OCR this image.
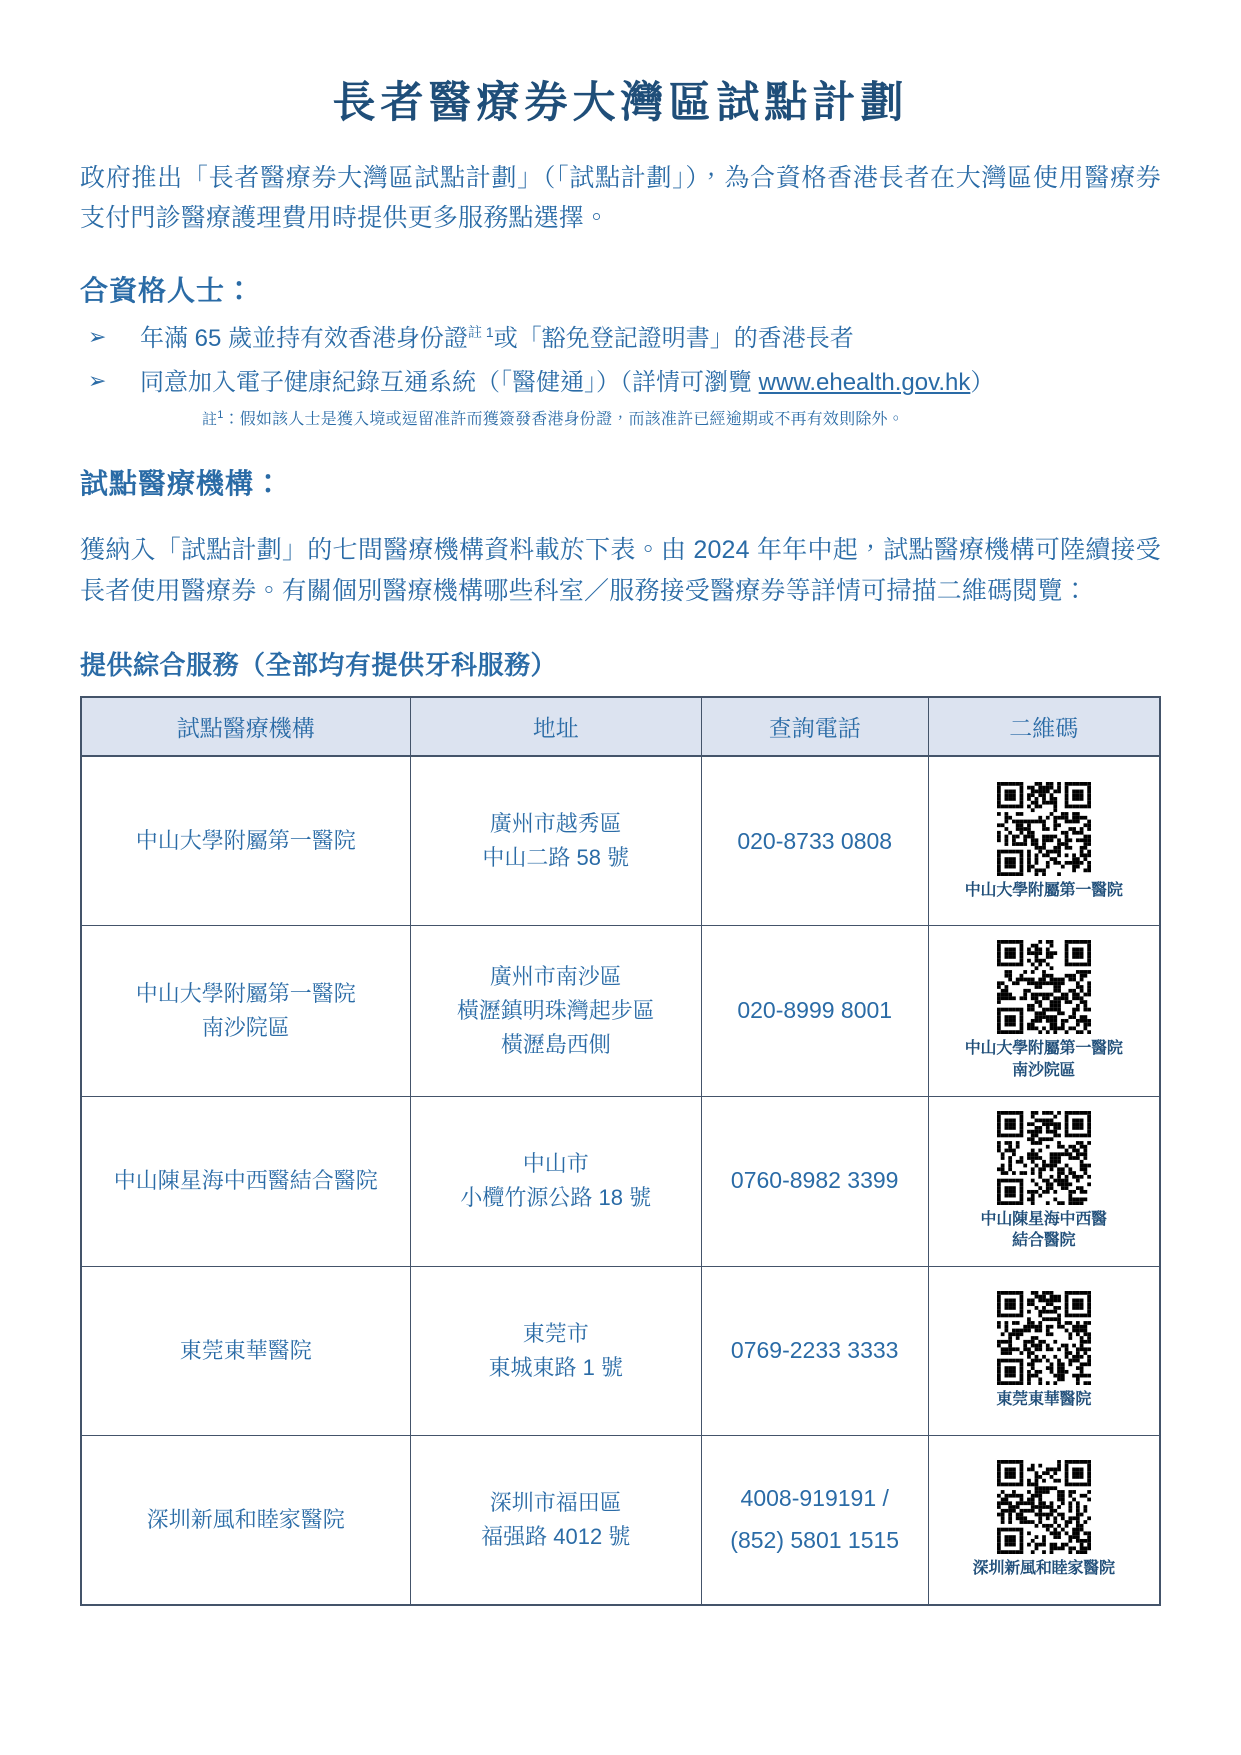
長者醫療券大灣區試點計劃

政府推出「長者醫療券大灣區試點計劃」（「試點計劃」），為合資格香港長者在大灣區使用醫療券支付門診醫療護理費用時提供更多服務點選擇。

合資格人士：
➢ 年滿 65 歲並持有效香港身份證$^{註 1}$或「豁免登記證明書」的香港長者
➢ 同意加入電子健康紀錄互通系統（「醫健通」）（詳情可瀏覽 www.ehealth.gov.hk）

註$^1$：假如該人士是獲入境或逗留准許而獲簽發香港身份證，而該准許已經逾期或不再有效則除外。

試點醫療機構：

獲納入「試點計劃」的七間醫療機構資料載於下表。由 2024 年年中起，試點醫療機構可陸續接受長者使用醫療券。有關個別醫療機構哪些科室／服務接受醫療券等詳情可掃描二維碼閱覽：

提供綜合服務（全部均有提供牙科服務）
試點醫療機構	地址	查詢電話	二維碼
中山大學附屬第一醫院	廣州市越秀區
中山二路 58 號	020-8733 0808	中山大學附屬第一醫院

中山大學附屬第一醫院
南沙院區	廣州市南沙區
橫瀝鎮明珠灣起步區
橫瀝島西側	020-8999 8001	中山大學附屬第一醫院
南沙院區

中山陳星海中西醫結合醫院	中山市
小欖竹源公路 18 號	0760-8982 3399	中山陳星海中西醫
結合醫院

東莞東華醫院	東莞市
東城東路 1 號	0769-2233 3333	東莞東華醫院

深圳新風和睦家醫院	深圳市福田區
福强路 4012 號	4008-919191 /
(852) 5801 1515	深圳新風和睦家醫院
